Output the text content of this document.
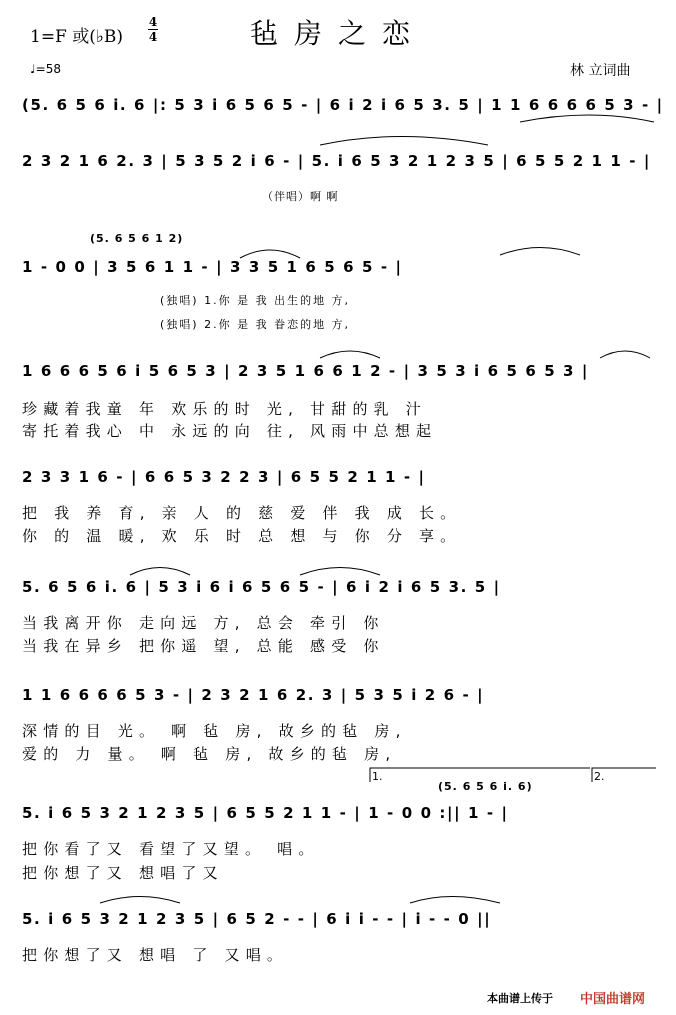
1=F 或(♭B)
4
4	毡房之恋
♩=58	林 立词曲
(5. 6 5 6 i. 6 |: 5 3 i 6 5 6 5 - | 6 i 2 i 6 5 3. 5 | 1 1 6 6 6 6 5 3 - |
2 3 2 1 6 2. 3 | 5 3 5 2 i 6 - | 5. i 6 5 3 2 1 2 3 5 | 6 5 5 2 1 1 - |
（伴唱）啊 啊
(5. 6 5 6 1 2)
1 - 0 0 | 3 5 6 1 1 - | 3 3 5 1 6 5 6 5 - |
(独唱) 1.你 是 我 出生的地 方,
(独唱) 2.你 是 我 眷恋的地 方,
1 6 6 6 5 6 i 5 6 5 3 | 2 3 5 1 6 6 1 2 - | 3 5 3 i 6 5 6 5 3 |
珍藏着我童 年 欢乐的时 光, 甘甜的乳 汁
寄托着我心 中 永远的向 往, 风雨中总想起
2 3 3 1 6 - | 6 6 5 3 2 2 3 | 6 5 5 2 1 1 - |
把 我 养 育, 亲 人 的 慈 爱 伴 我 成 长。
你 的 温 暖, 欢 乐 时 总 想 与 你 分 享。
5. 6 5 6 i. 6 | 5 3 i 6 i 6 5 6 5 - | 6 i 2 i 6 5 3. 5 |
当我离开你 走向远 方, 总会 牵引 你
当我在异乡 把你遥 望, 总能 感受 你
1 1 6 6 6 6 5 3 - | 2 3 2 1 6 2. 3 | 5 3 5 i 2 6 - |
深情的目 光。 啊 毡 房, 故乡的毡 房,
爱的 力 量。 啊 毡 房, 故乡的毡 房,
1.	2.
(5. 6 5 6 i. 6)
5. i 6 5 3 2 1 2 3 5 | 6 5 5 2 1 1 - | 1 - 0 0 :|| 1 - |
把你看了又 看望了又望。 唱。
把你想了又 想唱了又
5. i 6 5 3 2 1 2 3 5 | 6 5 2 - - | 6 i i - - | i - - 0 ||
把你想了又 想唱 了 又唱。
本曲谱上传于 中国曲谱网
